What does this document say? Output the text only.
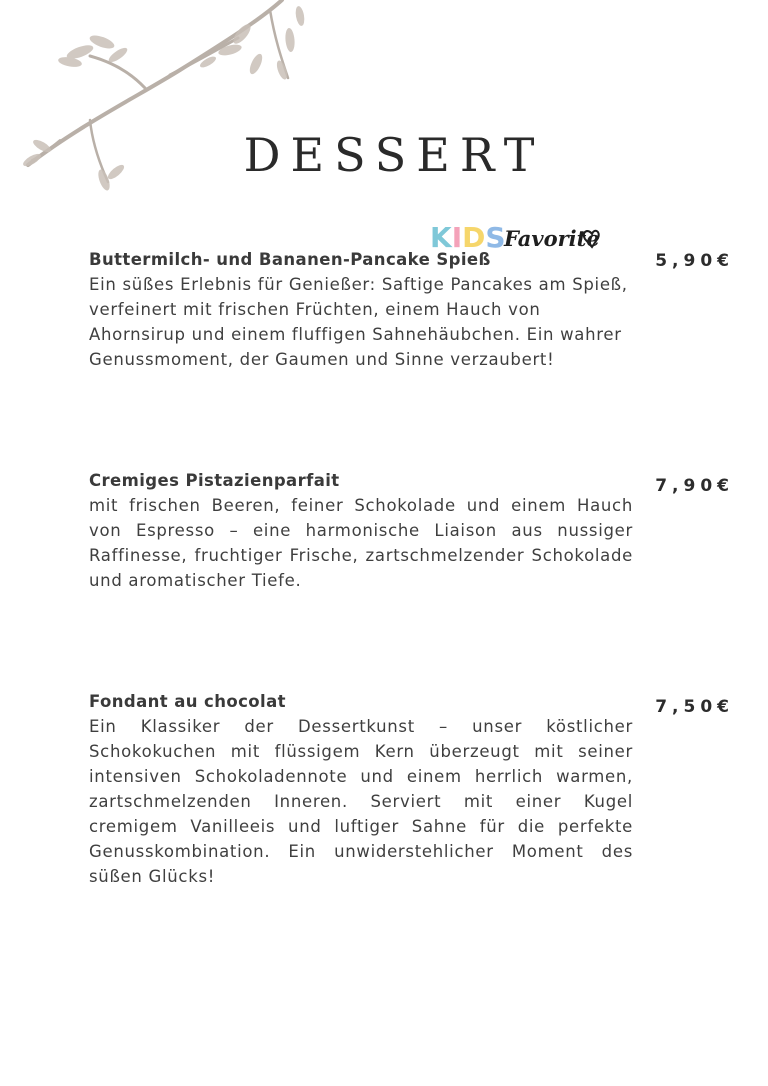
DESSERT
KIDS
Favorite
Buttermilch- und Bananen-Pancake Spieß

Ein süßes Erlebnis für Genießer: Saftige Pancakes am Spieß, verfeinert mit frischen Früchten, einem Hauch von Ahornsirup und einem fluffigen Sahnehäubchen. Ein wahrer Genussmoment, der Gaumen und Sinne verzaubert!

5,90€
Cremiges Pistazienparfait

mit frischen Beeren, feiner Schokolade und einem Hauch von Espresso – eine harmonische Liaison aus nussiger Raffinesse, fruchtiger Frische, zartschmelzender Schokolade und aromatischer Tiefe.

7,90€
Fondant au chocolat

Ein Klassiker der Dessertkunst – unser köstlicher Schokokuchen mit flüssigem Kern überzeugt mit seiner intensiven Schokoladennote und einem herrlich warmen, zartschmelzenden Inneren. Serviert mit einer Kugel cremigem Vanilleeis und luftiger Sahne für die perfekte Genusskombination. Ein unwiderstehlicher Moment des süßen Glücks!

7,50€
